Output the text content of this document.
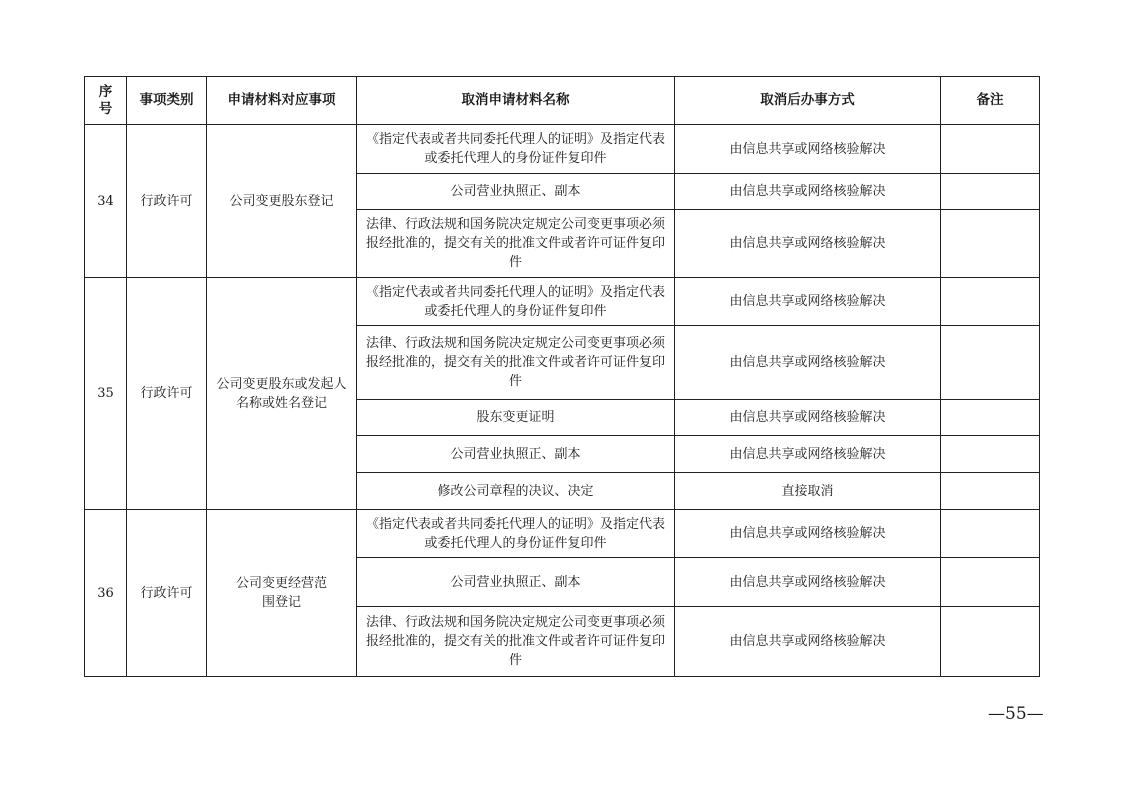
序号	事项类别	申请材料对应事项	取消申请材料名称	取消后办事方式	备注
34	行政许可	公司变更股东登记	《指定代表或者共同委托代理人的证明》及指定代表或委托代理人的身份证件复印件	由信息共享或网络核验解决	
			公司营业执照正、副本	由信息共享或网络核验解决	
			法律、行政法规和国务院决定规定公司变更事项必须报经批准的，提交有关的批准文件或者许可证件复印件	由信息共享或网络核验解决	
35	行政许可	公司变更股东或发起人名称或姓名登记	《指定代表或者共同委托代理人的证明》及指定代表或委托代理人的身份证件复印件	由信息共享或网络核验解决	
			法律、行政法规和国务院决定规定公司变更事项必须报经批准的，提交有关的批准文件或者许可证件复印件	由信息共享或网络核验解决	
			股东变更证明	由信息共享或网络核验解决	
			公司营业执照正、副本	由信息共享或网络核验解决	
			修改公司章程的决议、决定	直接取消	
36	行政许可	公司变更经营范围登记	《指定代表或者共同委托代理人的证明》及指定代表或委托代理人的身份证件复印件	由信息共享或网络核验解决	
			公司营业执照正、副本	由信息共享或网络核验解决	
			法律、行政法规和国务院决定规定公司变更事项必须报经批准的，提交有关的批准文件或者许可证件复印件	由信息共享或网络核验解决	
—55—
